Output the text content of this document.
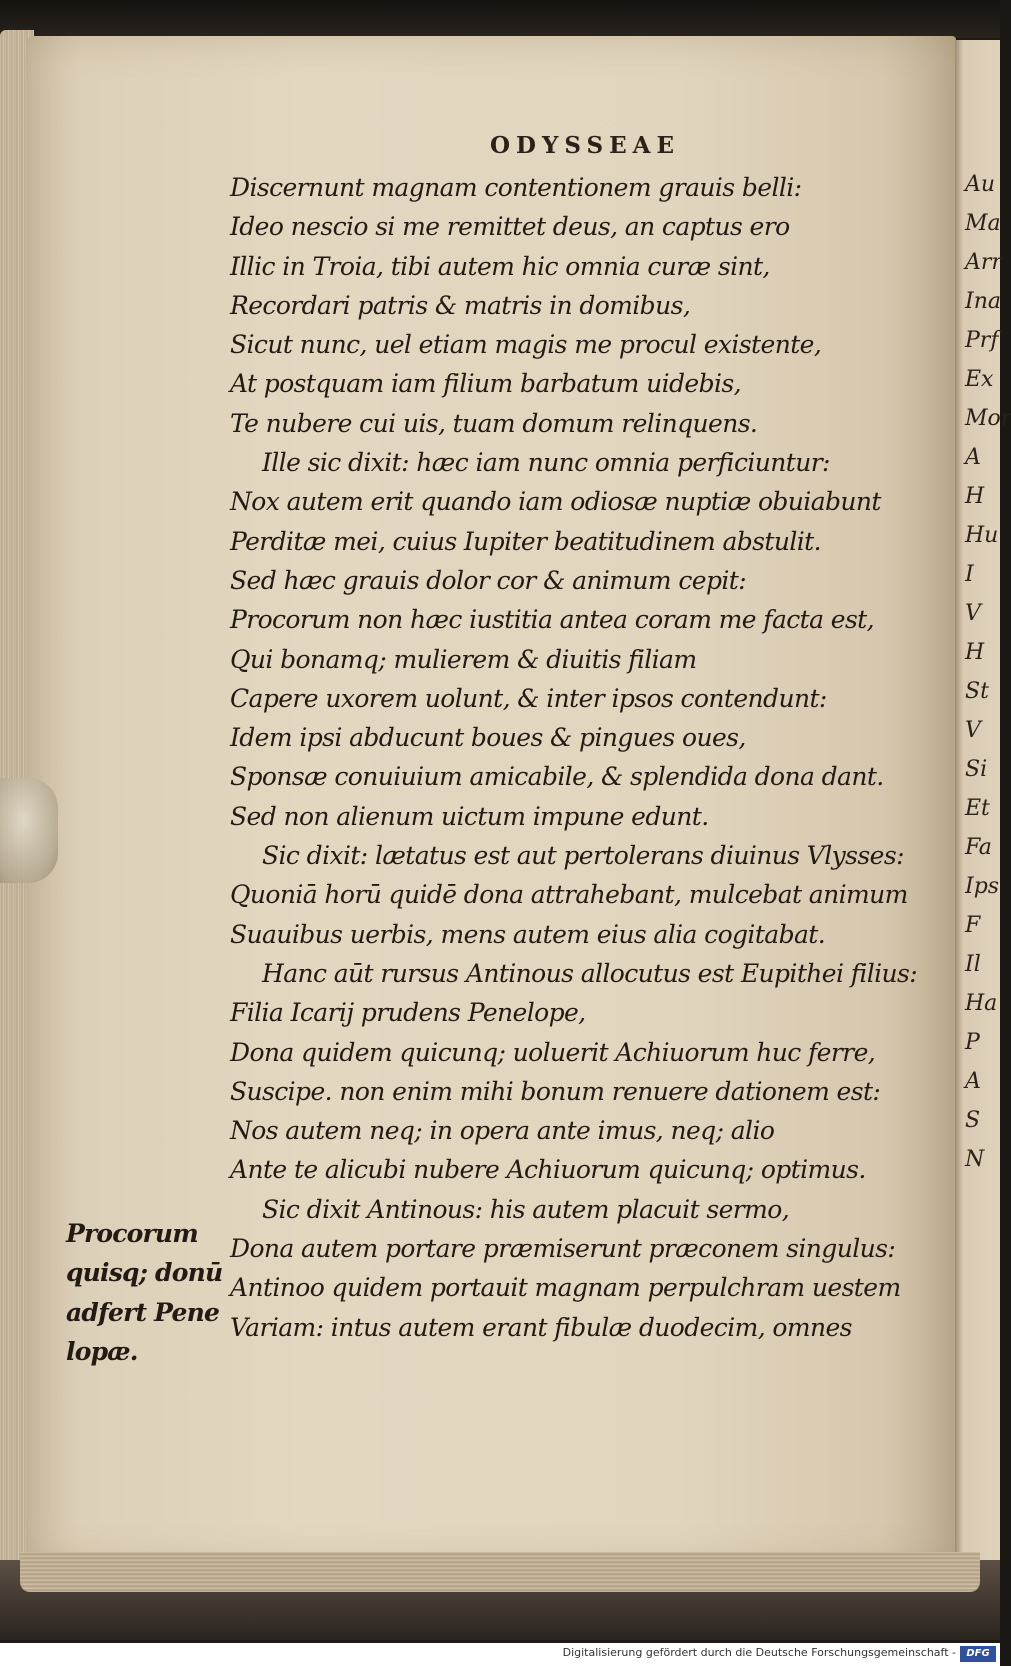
Au
Ma
Arr
Ina
Prf
Ex
Mor
A
H
Hu
I
V
H
St
V
Si
Et
Fa
Ips
F
Il
Ha
P
A
S
N
ODYSSEAE
Discernunt magnam contentionem grauis belli:
Ideo nescio si me remittet deus, an captus ero
Illic in Troia, tibi autem hic omnia curæ sint,
Recordari patris & matris in domibus,
Sicut nunc, uel etiam magis me procul existente,
At postquam iam filium barbatum uidebis,
Te nubere cui uis, tuam domum relinquens.
Ille sic dixit: hæc iam nunc omnia perficiuntur:
Nox autem erit quando iam odiosæ nuptiæ obuiabunt
Perditæ mei, cuius Iupiter beatitudinem abstulit.
Sed hæc grauis dolor cor & animum cepit:
Procorum non hæc iustitia antea coram me facta est,
Qui bonamq; mulierem & diuitis filiam
Capere uxorem uolunt, & inter ipsos contendunt:
Idem ipsi abducunt boues & pingues oues,
Sponsæ conuiuium amicabile, & splendida dona dant.
Sed non alienum uictum impune edunt.
Sic dixit: lætatus est aut pertolerans diuinus Vlysses:
Quoniā horū quidē dona attrahebant, mulcebat animum
Suauibus uerbis, mens autem eius alia cogitabat.
Hanc aūt rursus Antinous allocutus est Eupithei filius:
Filia Icarij prudens Penelope,
Dona quidem quicunq; uoluerit Achiuorum huc ferre,
Suscipe. non enim mihi bonum renuere dationem est:
Nos autem neq; in opera ante imus, neq; alio
Ante te alicubi nubere Achiuorum quicunq; optimus.
Sic dixit Antinous: his autem placuit sermo,
Dona autem portare præmiserunt præconem singulus:
Antinoo quidem portauit magnam perpulchram uestem
Variam: intus autem erant fibulæ duodecim, omnes
Procorum
quisq; donū
adfert Pene
lopæ.
Digitalisierung gefördert durch die Deutsche Forschungsgemeinschaft -	DFG
